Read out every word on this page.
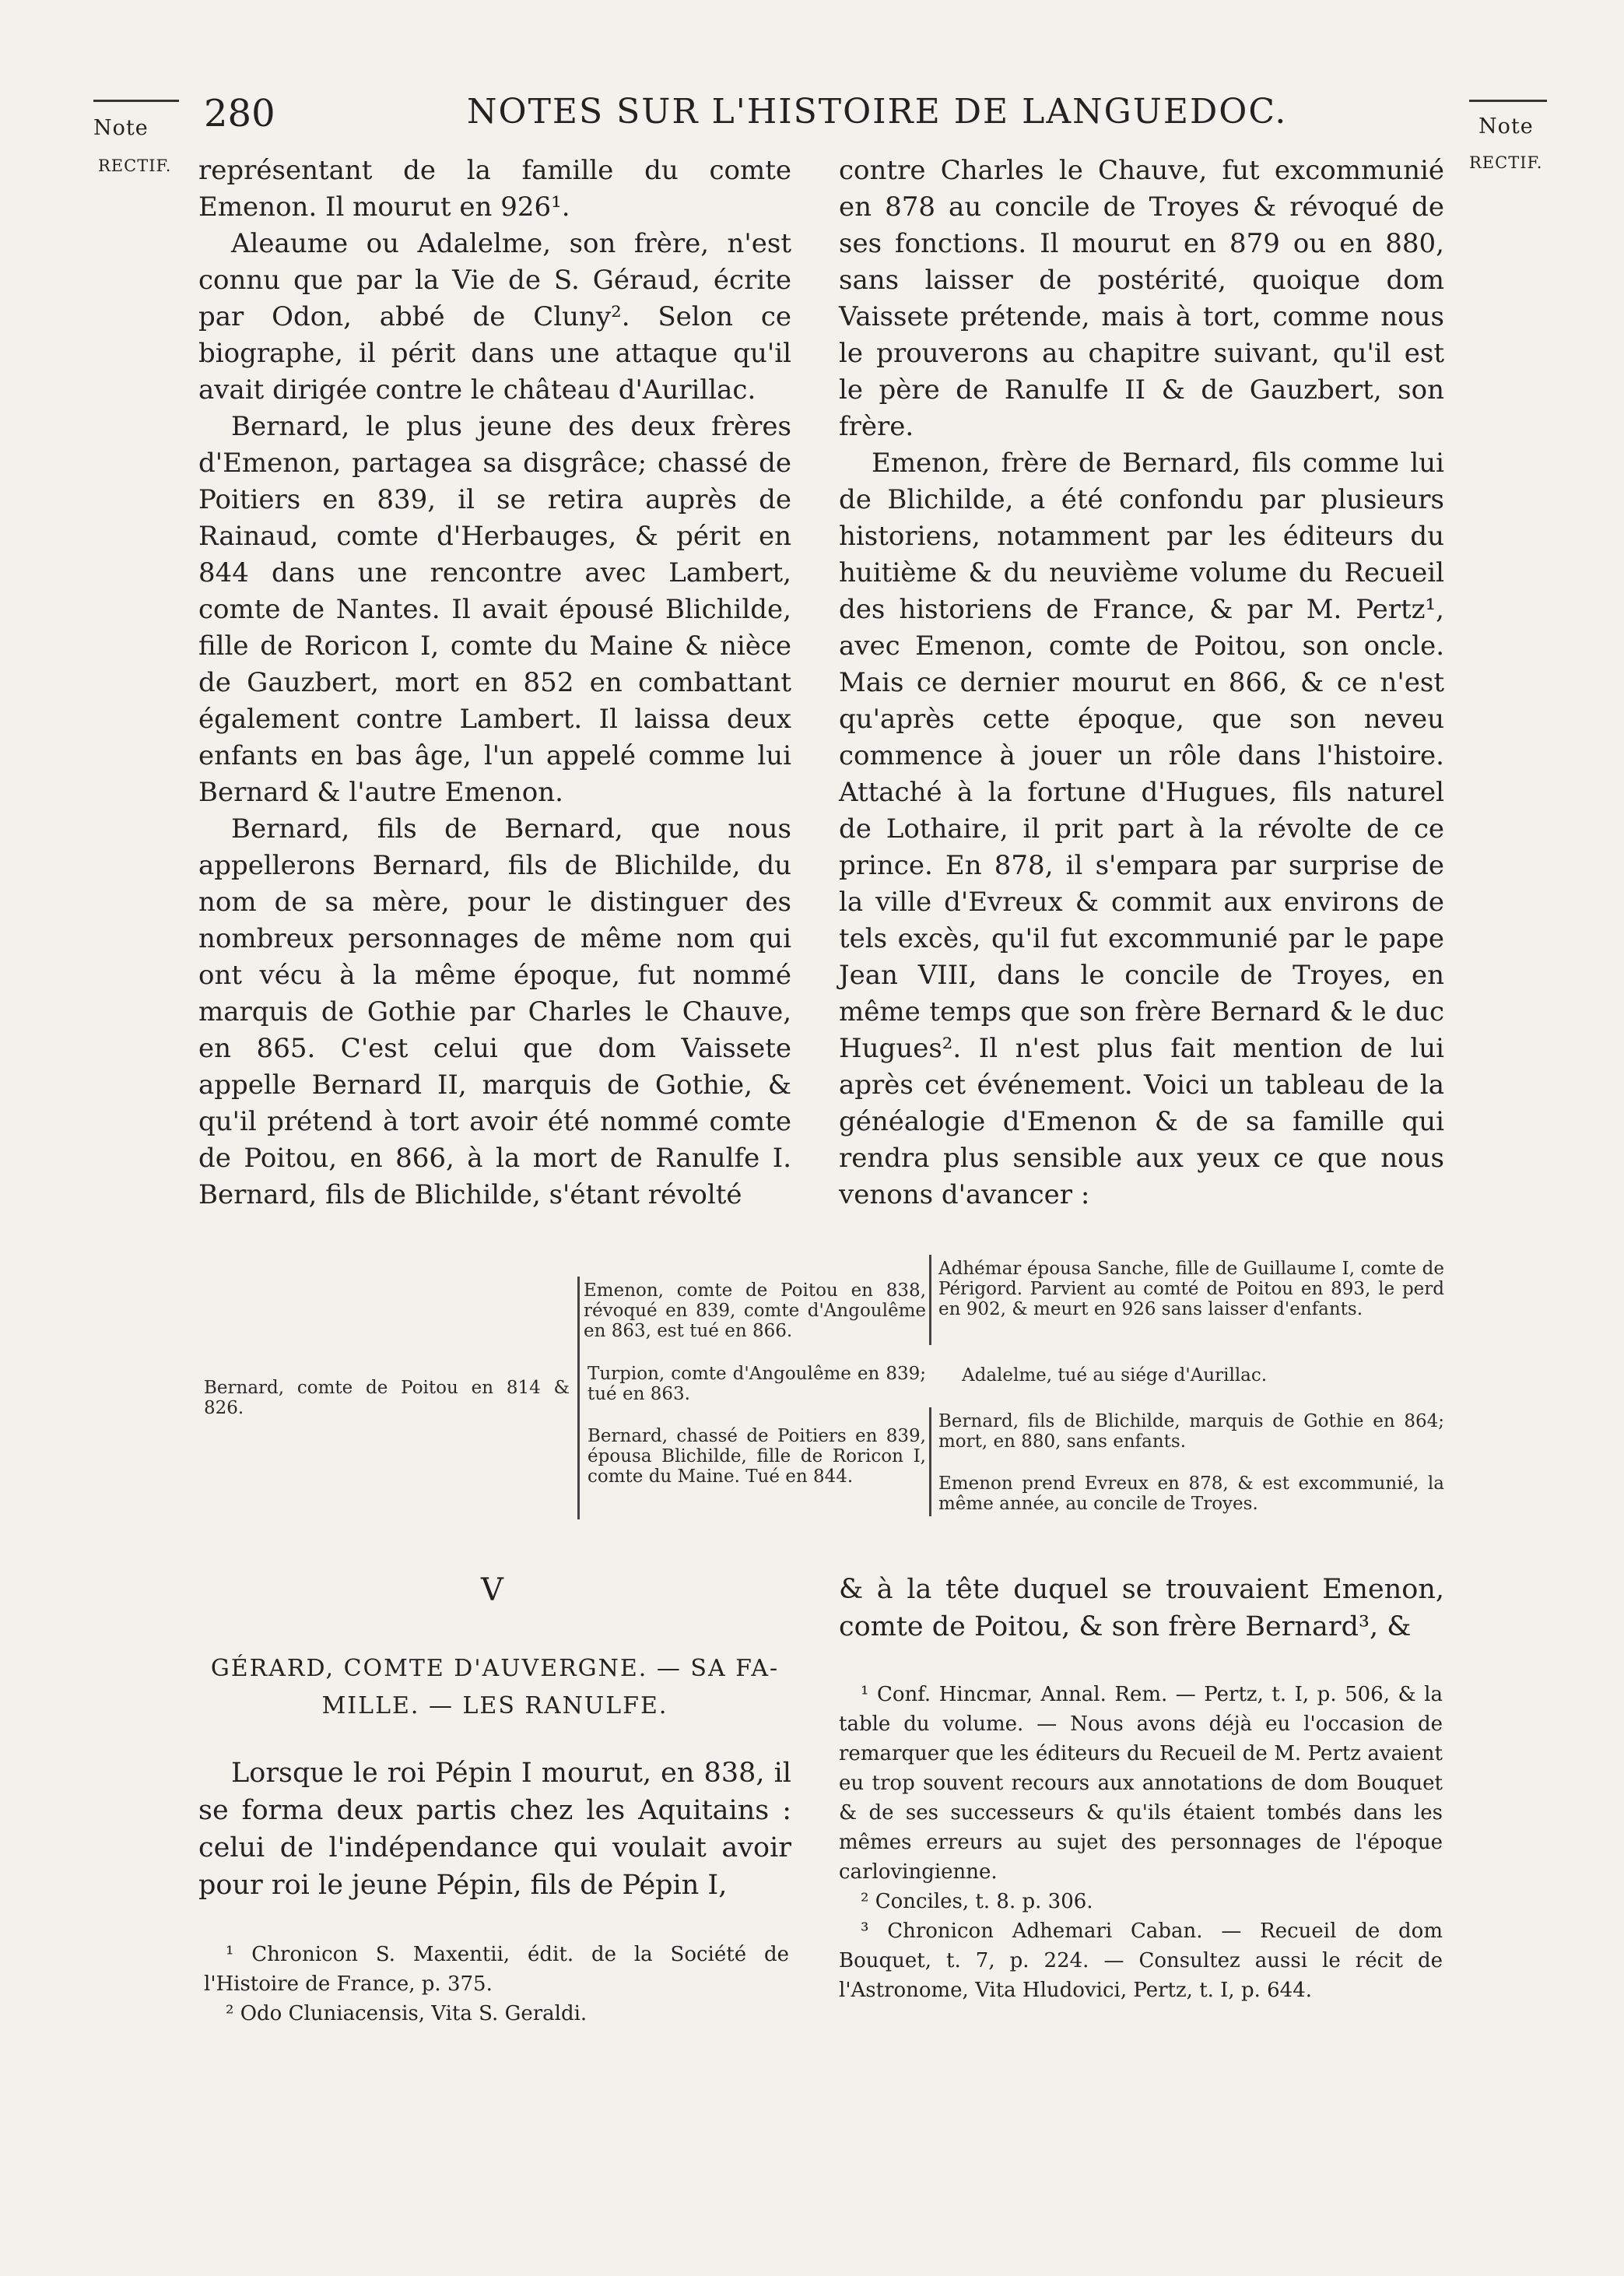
Note
RECTIF.
Note
RECTIF.
280	NOTES SUR L'HISTOIRE DE LANGUEDOC.

représentant de la famille du comte Emenon. Il mourut en 926¹.

Aleaume ou Adalelme, son frère, n'est connu que par la Vie de S. Géraud, écrite par Odon, abbé de Cluny². Selon ce biographe, il périt dans une attaque qu'il avait dirigée contre le château d'Aurillac.

Bernard, le plus jeune des deux frères d'Emenon, partagea sa disgrâce; chassé de Poitiers en 839, il se retira auprès de Rainaud, comte d'Herbauges, & périt en 844 dans une rencontre avec Lambert, comte de Nantes. Il avait épousé Blichilde, fille de Roricon I, comte du Maine & nièce de Gauzbert, mort en 852 en combattant également contre Lambert. Il laissa deux enfants en bas âge, l'un appelé comme lui Bernard & l'autre Emenon.

Bernard, fils de Bernard, que nous appellerons Bernard, fils de Blichilde, du nom de sa mère, pour le distinguer des nombreux personnages de même nom qui ont vécu à la même époque, fut nommé marquis de Gothie par Charles le Chauve, en 865. C'est celui que dom Vaissete appelle Bernard II, marquis de Gothie, & qu'il prétend à tort avoir été nommé comte de Poitou, en 866, à la mort de Ranulfe I. Bernard, fils de Blichilde, s'étant révolté

contre Charles le Chauve, fut excommunié en 878 au concile de Troyes & révoqué de ses fonctions. Il mourut en 879 ou en 880, sans laisser de postérité, quoique dom Vaissete prétende, mais à tort, comme nous le prouverons au chapitre suivant, qu'il est le père de Ranulfe II & de Gauzbert, son frère.

Emenon, frère de Bernard, fils comme lui de Blichilde, a été confondu par plusieurs historiens, notamment par les éditeurs du huitième & du neuvième volume du Recueil des historiens de France, & par M. Pertz¹, avec Emenon, comte de Poitou, son oncle. Mais ce dernier mourut en 866, & ce n'est qu'après cette époque, que son neveu commence à jouer un rôle dans l'histoire. Attaché à la fortune d'Hugues, fils naturel de Lothaire, il prit part à la révolte de ce prince. En 878, il s'empara par surprise de la ville d'Evreux & commit aux environs de tels excès, qu'il fut excommunié par le pape Jean VIII, dans le concile de Troyes, en même temps que son frère Bernard & le duc Hugues². Il n'est plus fait mention de lui après cet événement. Voici un tableau de la généalogie d'Emenon & de sa famille qui rendra plus sensible aux yeux ce que nous venons d'avancer :

Bernard, comte de Poitou en 814 & 826.
Emenon, comte de Poitou en 838, révoqué en 839, comte d'Angoulême en 863, est tué en 866.
Turpion, comte d'Angoulême en 839; tué en 863.
Bernard, chassé de Poitiers en 839, épousa Blichilde, fille de Roricon I, comte du Maine. Tué en 844.
Adhémar épousa Sanche, fille de Guillaume I, comte de Périgord. Parvient au comté de Poitou en 893, le perd en 902, & meurt en 926 sans laisser d'enfants.
Adalelme, tué au siége d'Aurillac.
Bernard, fils de Blichilde, marquis de Gothie en 864; mort, en 880, sans enfants.
Emenon prend Evreux en 878, & est excommunié, la même année, au concile de Troyes.
V
GÉRARD, COMTE D'AUVERGNE. — SA FA-
MILLE. — LES RANULFE.

Lorsque le roi Pépin I mourut, en 838, il se forma deux partis chez les Aquitains : celui de l'indépendance qui voulait avoir pour roi le jeune Pépin, fils de Pépin I,

& à la tête duquel se trouvaient Emenon, comte de Poitou, & son frère Bernard³, &

¹ Chronicon S. Maxentii, édit. de la Société de l'Histoire de France, p. 375.

² Odo Cluniacensis, Vita S. Geraldi.

¹ Conf. Hincmar, Annal. Rem. — Pertz, t. I, p. 506, & la table du volume. — Nous avons déjà eu l'occasion de remarquer que les éditeurs du Recueil de M. Pertz avaient eu trop souvent recours aux annotations de dom Bouquet & de ses successeurs & qu'ils étaient tombés dans les mêmes erreurs au sujet des personnages de l'époque carlovingienne.

² Conciles, t. 8. p. 306.

³ Chronicon Adhemari Caban. — Recueil de dom Bouquet, t. 7, p. 224. — Consultez aussi le récit de l'Astronome, Vita Hludovici, Pertz, t. I, p. 644.
